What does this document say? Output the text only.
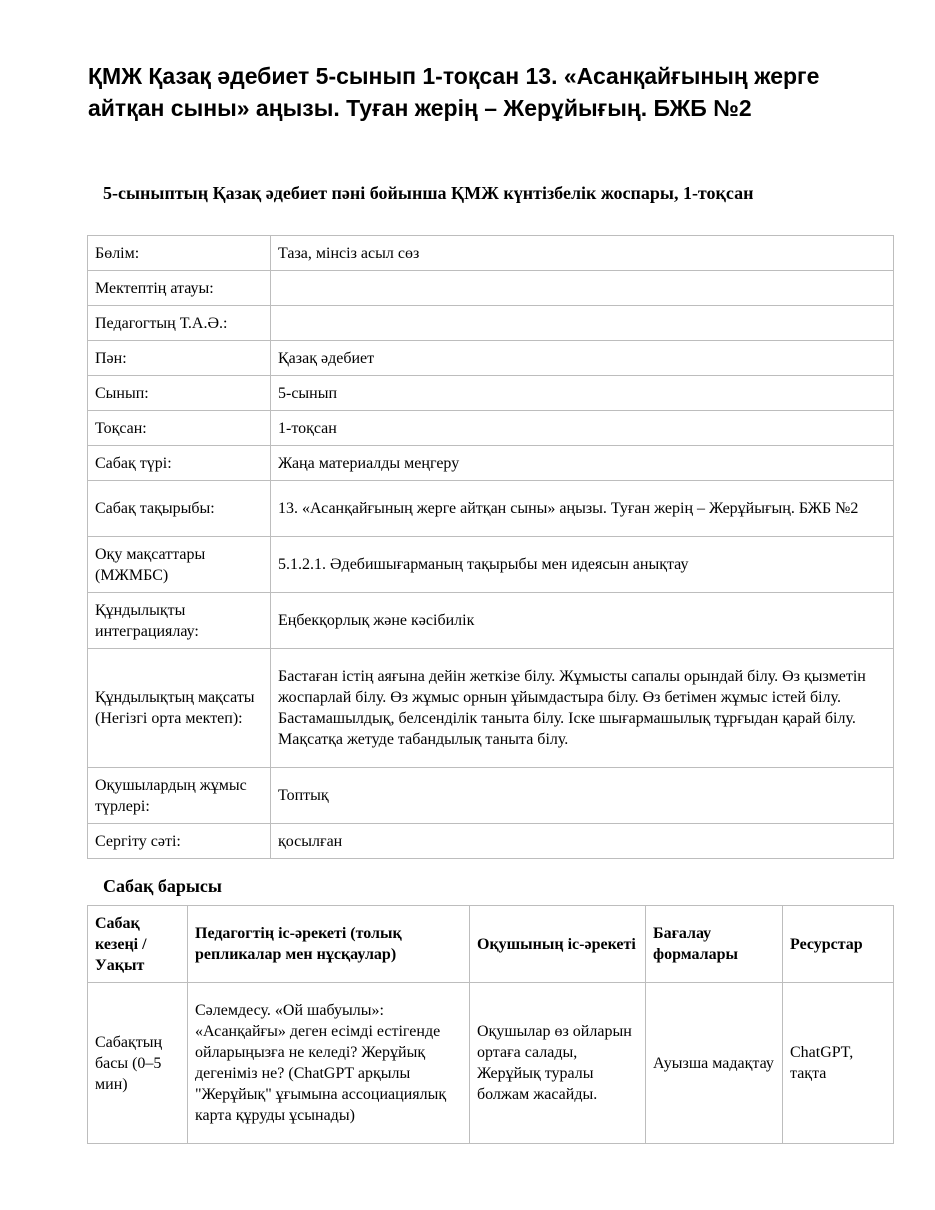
ҚМЖ Қазақ әдебиет 5-сынып 1-тоқсан 13. «Асанқайғының жерге айтқан сыны» аңызы. Туған жерің – Жерұйығың. БЖБ №2
5-сыныптың Қазақ әдебиет пәні бойынша ҚМЖ күнтізбелік жоспары, 1-тоқсан
Бөлім:	Таза, мінсіз асыл сөз
Мектептің атауы:	
Педагогтың Т.А.Ә.:	
Пән:	Қазақ әдебиет
Сынып:	5-сынып
Тоқсан:	1-тоқсан
Сабақ түрі:	Жаңа материалды меңгеру
Сабақ тақырыбы:	13. «Асанқайғының жерге айтқан сыны» аңызы. Туған жерің – Жерұйығың. БЖБ №2
Оқу мақсаттары (МЖМБС)	5.1.2.1. Әдебишығарманың тақырыбы мен идеясын анықтау
Құндылықты интеграциялау:	Еңбекқорлық және кәсібилік
Құндылықтың мақсаты (Негізгі орта мектеп):	Бастаған істің аяғына дейін жеткізе білу. Жұмысты сапалы орындай білу. Өз қызметін жоспарлай білу. Өз жұмыс орнын ұйымдастыра білу. Өз бетімен жұмыс істей білу. Бастамашылдық, белсенділік таныта білу. Іске шығармашылық тұрғыдан қарай білу. Мақсатқа жетуде табандылық таныта білу.
Оқушылардың жұмыс түрлері:	Топтық
Сергіту сәті:	қосылған
Сабақ барысы
Сабақ кезеңі / Уақыт	Педагогтің іс-әрекеті (толық репликалар мен нұсқаулар)	Оқушының іс-әрекеті	Бағалау формалары	Ресурстар
Сабақтың басы (0–5 мин)	Сәлемдесу. «Ой шабуылы»: «Асанқайғы» деген есімді естігенде ойларыңызға не келеді? Жерұйық дегеніміз не? (ChatGPT арқылы "Жерұйық" ұғымына ассоциациялық карта құруды ұсынады)	Оқушылар өз ойларын ортаға салады, Жерұйық туралы болжам жасайды.	Ауызша мадақтау	ChatGPT, тақта
